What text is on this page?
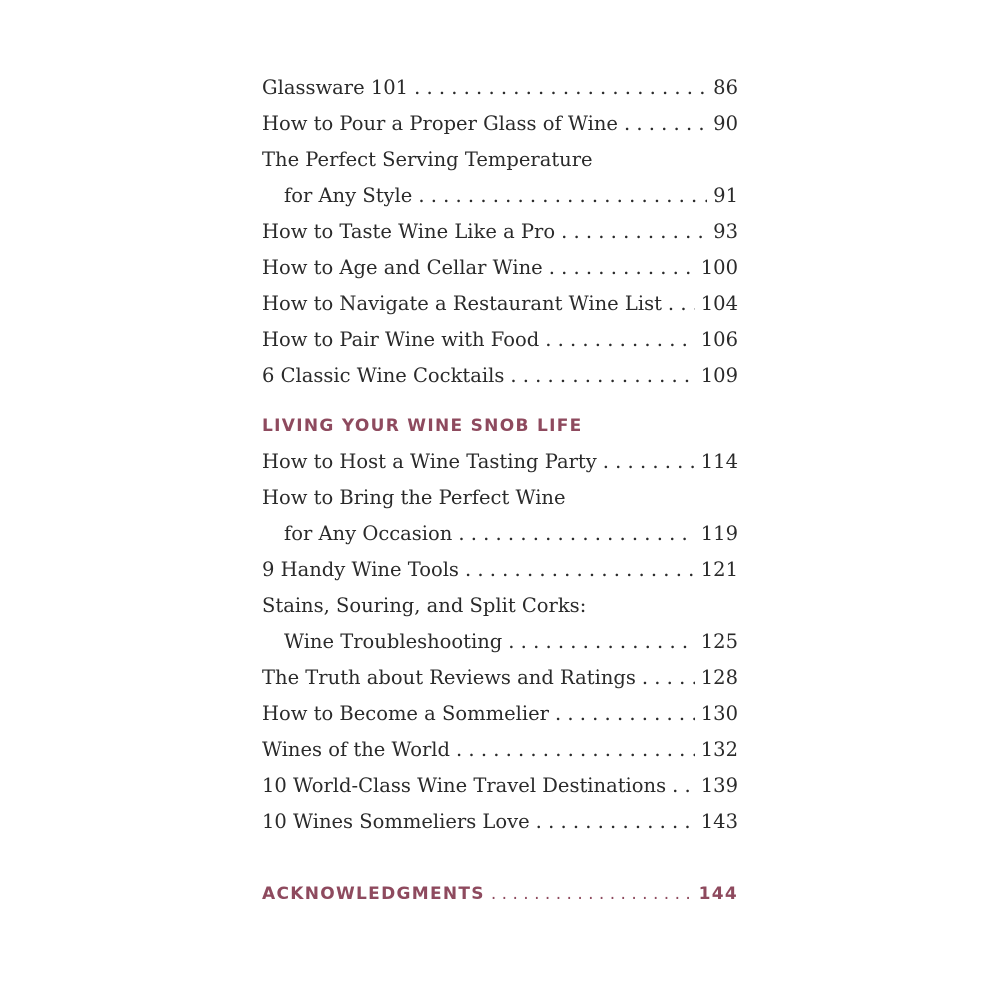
Glassware 101 . . .	86
How to Pour a Proper Glass of Wine . . .	90
The Perfect Serving Temperature
for Any Style . . .	91
How to Taste Wine Like a Pro . . .	93
How to Age and Cellar Wine . . .	100
How to Navigate a Restaurant Wine List . . . 104
How to Pair Wine with Food . . .	106
6 Classic Wine Cocktails . . .	109
LIVING YOUR WINE SNOB LIFE
How to Host a Wine Tasting Party . . .	114
How to Bring the Perfect Wine
for Any Occasion . . .	119
9 Handy Wine Tools . . .	121
Stains, Souring, and Split Corks:
Wine Troubleshooting . . .	125
The Truth about Reviews and Ratings . . .	128
How to Become a Sommelier . . .	130
Wines of the World . . .	132
10 World-Class Wine Travel Destinations . . . 139
10 Wines Sommeliers Love . . .	143
ACKNOWLEDGMENTS . . .	144
